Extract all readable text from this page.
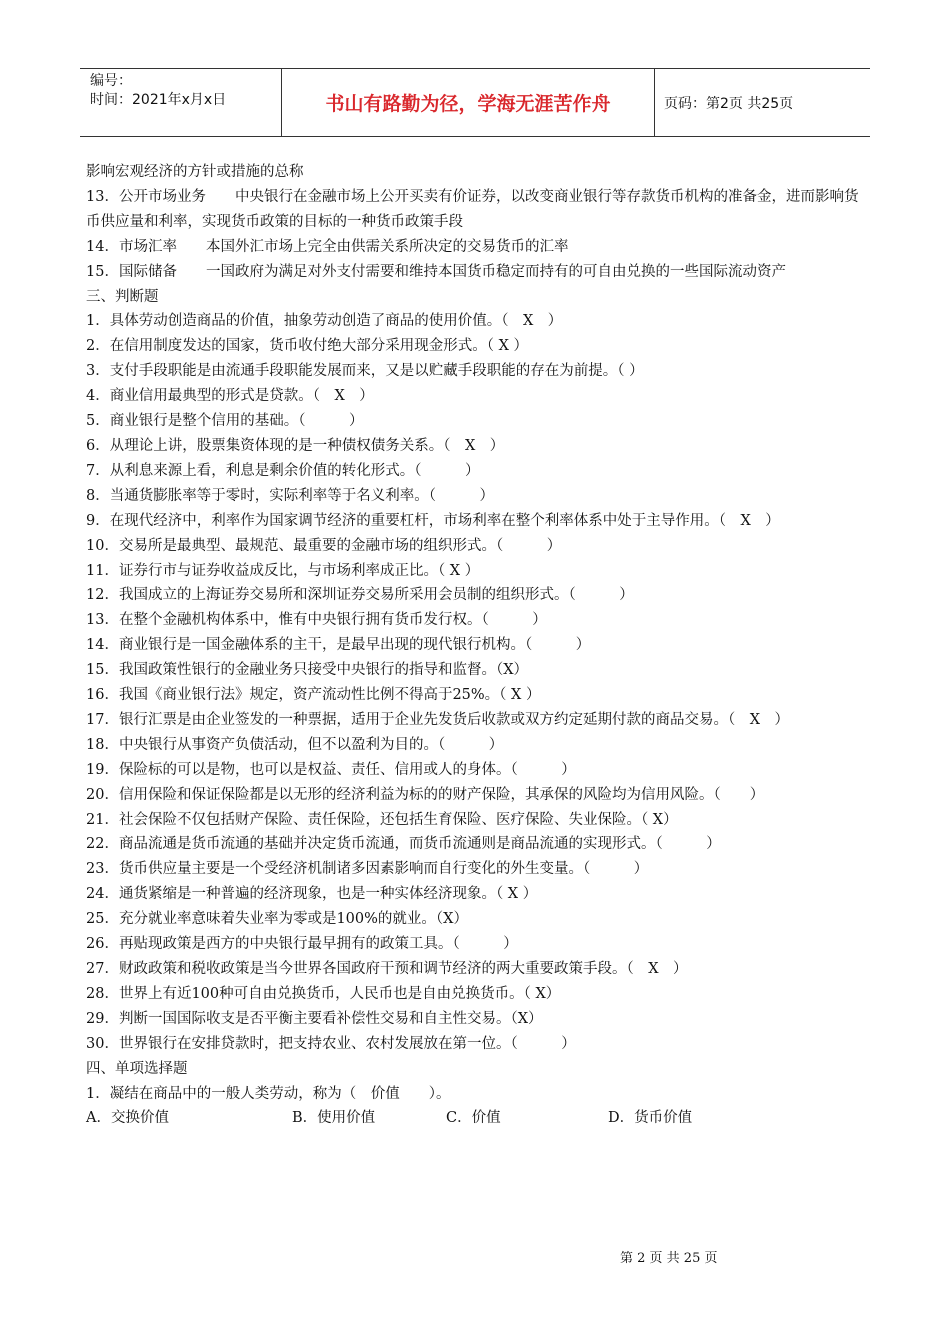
编号：
时间：2021年x月x日	书山有路勤为径，学海无涯苦作舟	页码：第2页 共25页
影响宏观经济的方针或措施的总称
13．公开市场业务　　中央银行在金融市场上公开买卖有价证券，以改变商业银行等存款货币机构的准备金，进而影响货币供应量和利率，实现货币政策的目标的一种货币政策手段
14．市场汇率　　本国外汇市场上完全由供需关系所决定的交易货币的汇率
15．国际储备　　一国政府为满足对外支付需要和维持本国货币稳定而持有的可自由兑换的一些国际流动资产
三、判断题
1．具体劳动创造商品的价值，抽象劳动创造了商品的使用价值。（　X　）
2．在信用制度发达的国家，货币收付绝大部分采用现金形式。（ X ）
3．支付手段职能是由流通手段职能发展而来，又是以贮藏手段职能的存在为前提。（ ）
4．商业信用最典型的形式是贷款。（　X　）
5．商业银行是整个信用的基础。（　　　）
6．从理论上讲，股票集资体现的是一种债权债务关系。（　X　）
7．从利息来源上看，利息是剩余价值的转化形式。（　　　）
8．当通货膨胀率等于零时，实际利率等于名义利率。（　　　）
9．在现代经济中，利率作为国家调节经济的重要杠杆，市场利率在整个利率体系中处于主导作用。（　X　）
10．交易所是最典型、最规范、最重要的金融市场的组织形式。（　　　）
11．证券行市与证券收益成反比，与市场利率成正比。（ X ）
12．我国成立的上海证券交易所和深圳证券交易所采用会员制的组织形式。（　　　）
13．在整个金融机构体系中，惟有中央银行拥有货币发行权。（　　　）
14．商业银行是一国金融体系的主干，是最早出现的现代银行机构。（　　　）
15．我国政策性银行的金融业务只接受中央银行的指导和监督。（X）
16．我国《商业银行法》规定，资产流动性比例不得高于25%。（ X ）
17．银行汇票是由企业签发的一种票据，适用于企业先发货后收款或双方约定延期付款的商品交易。（　X　）
18．中央银行从事资产负债活动，但不以盈利为目的。（　　　）
19．保险标的可以是物，也可以是权益、责任、信用或人的身体。（　　　）
20．信用保险和保证保险都是以无形的经济利益为标的的财产保险，其承保的风险均为信用风险。（　　）
21．社会保险不仅包括财产保险、责任保险，还包括生育保险、医疗保险、失业保险。（ X）
22．商品流通是货币流通的基础并决定货币流通，而货币流通则是商品流通的实现形式。（　　　）
23．货币供应量主要是一个受经济机制诸多因素影响而自行变化的外生变量。（　　　）
24．通货紧缩是一种普遍的经济现象，也是一种实体经济现象。（ X ）
25．充分就业率意味着失业率为零或是100%的就业。（X）
26．再贴现政策是西方的中央银行最早拥有的政策工具。（　　　）
27．财政政策和税收政策是当今世界各国政府干预和调节经济的两大重要政策手段。（　X　）
28．世界上有近100种可自由兑换货币，人民币也是自由兑换货币。（ X）
29．判断一国国际收支是否平衡主要看补偿性交易和自主性交易。（X）
30．世界银行在安排贷款时，把支持农业、农村发展放在第一位。（　　　）
四、单项选择题
1．凝结在商品中的一般人类劳动，称为（　价值　　）。
A．交换价值	B．使用价值	C．价值	D．货币价值
第 2 页 共 25 页
